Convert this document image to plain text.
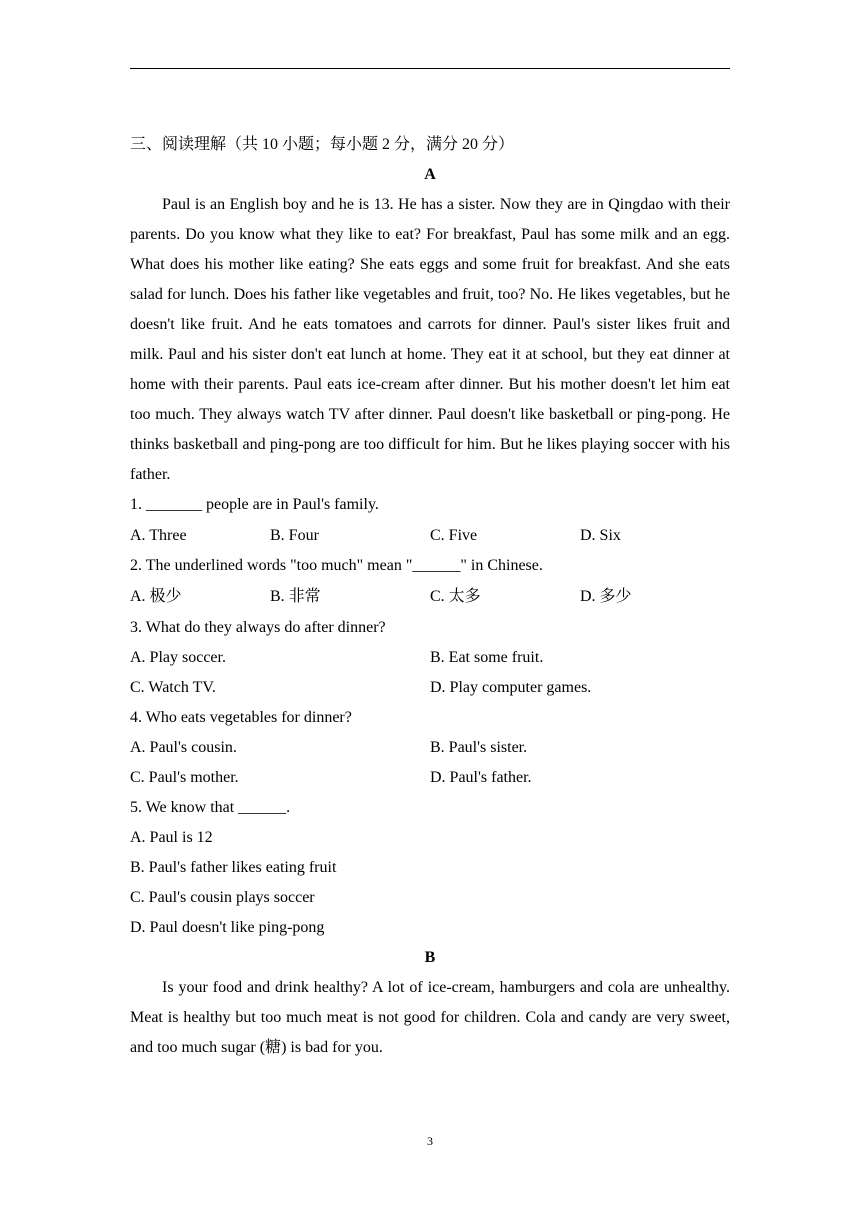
三、阅读理解（共 10 小题；每小题 2 分，满分 20 分）
A

Paul is an English boy and he is 13. He has a sister. Now they are in Qingdao with their parents. Do you know what they like to eat? For breakfast, Paul has some milk and an egg. What does his mother like eating? She eats eggs and some fruit for breakfast. And she eats salad for lunch. Does his father like vegetables and fruit, too? No. He likes vegetables, but he doesn't like fruit. And he eats tomatoes and carrots for dinner. Paul's sister likes fruit and milk. Paul and his sister don't eat lunch at home. They eat it at school, but they eat dinner at home with their parents. Paul eats ice-cream after dinner. But his mother doesn't let him eat too much. They always watch TV after dinner. Paul doesn't like basketball or ping-pong. He thinks basketball and ping-pong are too difficult for him. But he likes playing soccer with his father.

1. _______ people are in Paul's family.
A. Three	B. Four	C. Five	D. Six
2. The underlined words "too much" mean "______" in Chinese.
A. 极少	B. 非常	C. 太多	D. 多少
3. What do they always do after dinner?
A. Play soccer.	B. Eat some fruit.
C. Watch TV.	D. Play computer games.
4. Who eats vegetables for dinner?
A. Paul's cousin.	B. Paul's sister.
C. Paul's mother.	D. Paul's father.
5. We know that ______.
A. Paul is 12
B. Paul's father likes eating fruit
C. Paul's cousin plays soccer
D. Paul doesn't like ping-pong
B

Is your food and drink healthy? A lot of ice-cream, hamburgers and cola are unhealthy. Meat is healthy but too much meat is not good for children. Cola and candy are very sweet, and too much sugar (糖) is bad for you.

3
